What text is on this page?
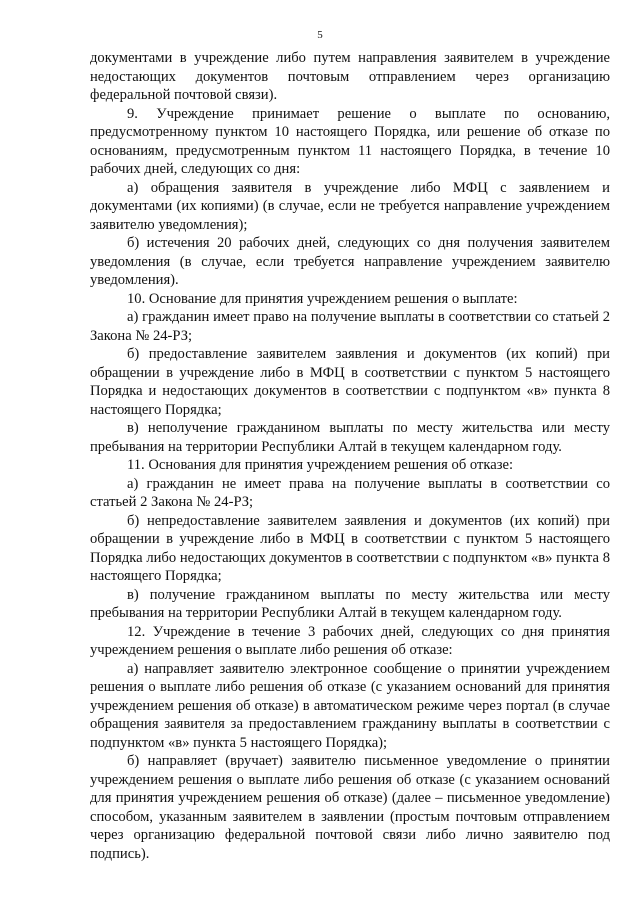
5

документами в учреждение либо путем направления заявителем в учреждение недостающих документов почтовым отправлением через организацию федеральной почтовой связи).

9. Учреждение принимает решение о выплате по основанию, предусмотренному пунктом 10 настоящего Порядка, или решение об отказе по основаниям, предусмотренным пунктом 11 настоящего Порядка, в течение 10 рабочих дней, следующих со дня:

а) обращения заявителя в учреждение либо МФЦ с заявлением и документами (их копиями) (в случае, если не требуется направление учреждением заявителю уведомления);

б) истечения 20 рабочих дней, следующих со дня получения заявителем уведомления (в случае, если требуется направление учреждением заявителю уведомления).

10. Основание для принятия учреждением решения о выплате:

а) гражданин имеет право на получение выплаты в соответствии со статьей 2 Закона № 24-РЗ;

б) предоставление заявителем заявления и документов (их копий) при обращении в учреждение либо в МФЦ в соответствии с пунктом 5 настоящего Порядка и недостающих документов в соответствии с подпунктом «в» пункта 8 настоящего Порядка;

в) неполучение гражданином выплаты по месту жительства или месту пребывания на территории Республики Алтай в текущем календарном году.

11. Основания для принятия учреждением решения об отказе:

а) гражданин не имеет права на получение выплаты в соответствии со статьей 2 Закона № 24-РЗ;

б) непредоставление заявителем заявления и документов (их копий) при обращении в учреждение либо в МФЦ в соответствии с пунктом 5 настоящего Порядка либо недостающих документов в соответствии с подпунктом «в» пункта 8 настоящего Порядка;

в) получение гражданином выплаты по месту жительства или месту пребывания на территории Республики Алтай в текущем календарном году.

12. Учреждение в течение 3 рабочих дней, следующих со дня принятия учреждением решения о выплате либо решения об отказе:

а) направляет заявителю электронное сообщение о принятии учреждением решения о выплате либо решения об отказе (с указанием оснований для принятия учреждением решения об отказе) в автоматическом режиме через портал (в случае обращения заявителя за предоставлением гражданину выплаты в соответствии с подпунктом «в» пункта 5 настоящего Порядка);

б) направляет (вручает) заявителю письменное уведомление о принятии учреждением решения о выплате либо решения об отказе (с указанием оснований для принятия учреждением решения об отказе) (далее – письменное уведомление) способом, указанным заявителем в заявлении (простым почтовым отправлением через организацию федеральной почтовой связи либо лично заявителю под подпись).
